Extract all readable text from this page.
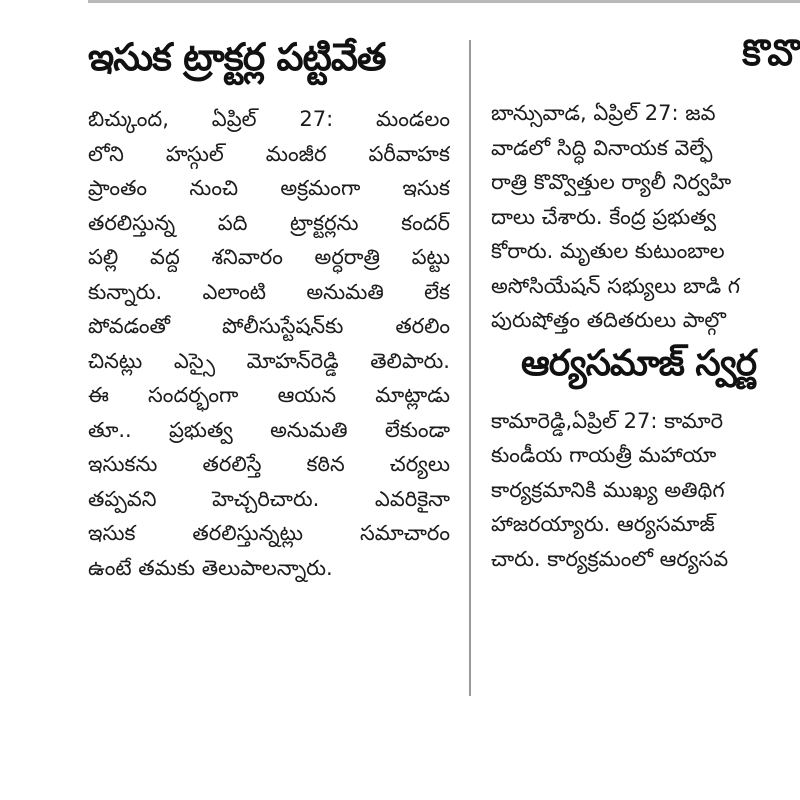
ఇసుక ట్రాక్టర్ల పట్టివేత
బిచ్కుంద, ఏప్రిల్ 27: మండలం
లోని హస్గుల్ మంజీర పరీవాహక
ప్రాంతం నుంచి అక్రమంగా ఇసుక
తరలిస్తున్న పది ట్రాక్టర్లను కందర్
పల్లి వద్ద శనివారం అర్ధరాత్రి పట్టు
కున్నారు. ఎలాంటి అనుమతి లేక
పోవడంతో పోలీసుస్టేషన్‌కు తరలిం
చినట్లు ఎస్సై మోహన్‌రెడ్డి తెలిపారు.
ఈ సందర్భంగా ఆయన మాట్లాడు
తూ.. ప్రభుత్వ అనుమతి లేకుండా
ఇసుకను తరలిస్తే కఠిన చర్యలు
తప్పవని హెచ్చరిచారు. ఎవరికైనా
ఇసుక తరలిస్తున్నట్లు సమాచారం
ఉంటే తమకు తెలుపాలన్నారు.
కొవొ
బాన్సువాడ, ఏప్రిల్ 27: జవ
వాడలో సిద్ధి వినాయక వెల్ఫే
రాత్రి కొవ్వొత్తుల ర్యాలీ నిర్వహి
దాలు చేశారు. కేంద్ర ప్రభుత్వ
కోరారు. మృతుల కుటుంబాల
అసోసియేషన్ సభ్యులు బాడి గ
పురుషోత్తం తదితరులు పాల్గొ
ఆర్యసమాజ్ స్వర్ణ
కామారెడ్డి,ఏప్రిల్ 27: కామారె
కుండీయ గాయత్రీ మహాయా
కార్యక్రమానికి ముఖ్య అతిథిగ
హాజరయ్యారు. ఆర్యసమాజ్
చారు. కార్యక్రమంలో ఆర్యసవ
